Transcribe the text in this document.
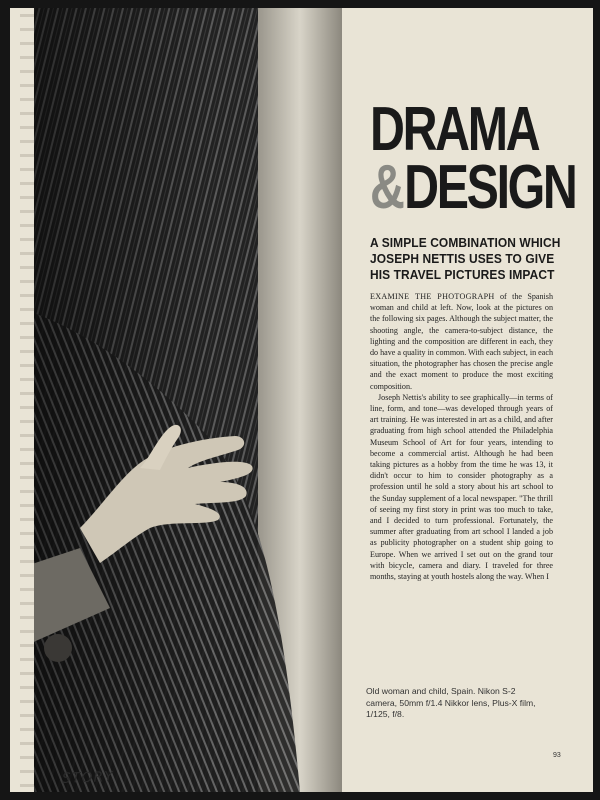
STORY
DRAMA
&DESIGN
A SIMPLE COMBINATION WHICH JOSEPH NETTIS USES TO GIVE HIS TRAVEL PICTURES IMPACT

EXAMINE THE PHOTOGRAPH of the Spanish woman and child at left. Now, look at the pictures on the following six pages. Although the subject matter, the shooting angle, the camera-to-subject distance, the lighting and the composition are different in each, they do have a quality in common. With each subject, in each situation, the photographer has chosen the precise angle and the exact moment to produce the most exciting composition.

Joseph Nettis's ability to see graphically—in terms of line, form, and tone—was developed through years of art training. He was interested in art as a child, and after graduating from high school attended the Philadelphia Museum School of Art for four years, intending to become a commercial artist. Although he had been taking pictures as a hobby from the time he was 13, it didn't occur to him to consider photography as a profession until he sold a story about his art school to the Sunday supplement of a local newspaper. "The thrill of seeing my first story in print was too much to take, and I decided to turn professional. Fortunately, the summer after graduating from art school I landed a job as publicity photographer on a student ship going to Europe. When we arrived I set out on the grand tour with bicycle, camera and diary. I traveled for three months, staying at youth hostels along the way. When I

Old woman and child, Spain. Nikon S-2 camera, 50mm f/1.4 Nikkor lens, Plus-X film, 1/125, f/8.
93
